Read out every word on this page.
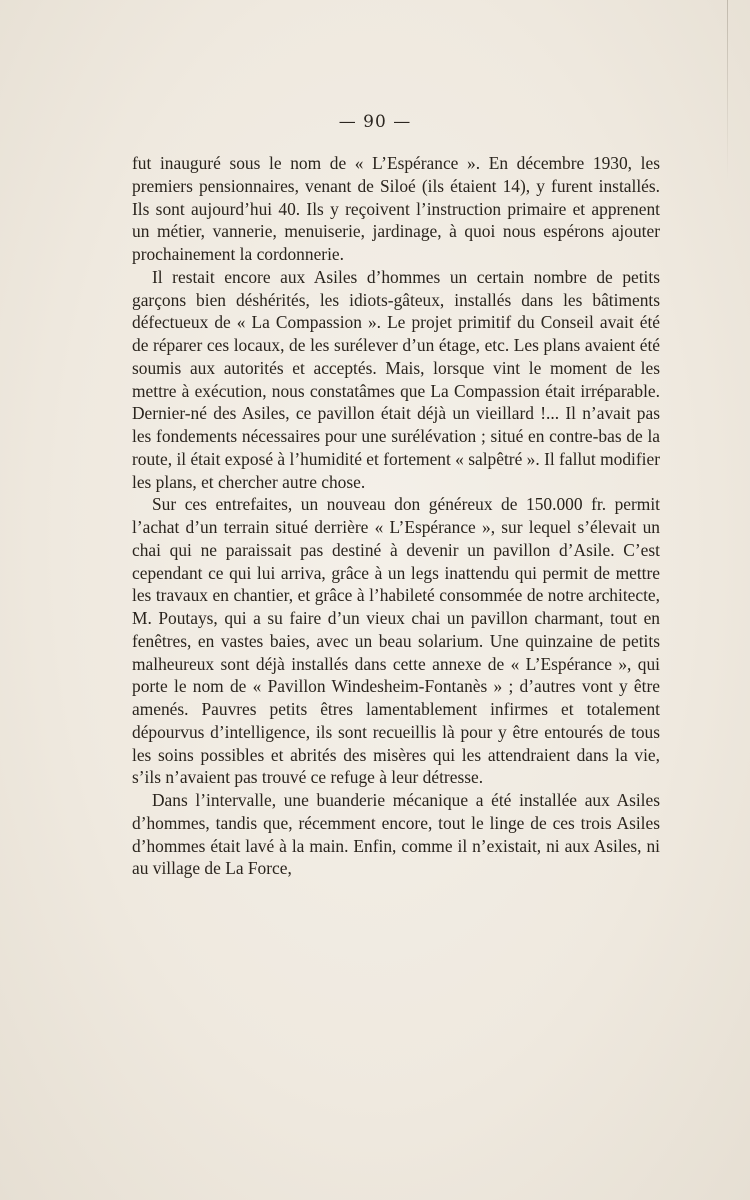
— 90 —

fut inauguré sous le nom de « L’Espérance ». En décembre 1930, les premiers pensionnaires, venant de Siloé (ils étaient 14), y furent installés. Ils sont aujourd’hui 40. Ils y reçoivent l’instruction primaire et apprenent un métier, vannerie, menuiserie, jardinage, à quoi nous espérons ajouter prochainement la cordonnerie.

Il restait encore aux Asiles d’hommes un certain nombre de petits garçons bien déshérités, les idiots-gâteux, installés dans les bâtiments défectueux de « La Compassion ». Le projet primitif du Conseil avait été de réparer ces locaux, de les surélever d’un étage, etc. Les plans avaient été soumis aux autorités et acceptés. Mais, lorsque vint le moment de les mettre à exécution, nous constatâmes que La Compassion était irréparable. Dernier-né des Asiles, ce pavillon était déjà un vieillard !... Il n’avait pas les fondements nécessaires pour une surélévation ; situé en contre-bas de la route, il était exposé à l’humidité et fortement « salpêtré ». Il fallut modifier les plans, et chercher autre chose.

Sur ces entrefaites, un nouveau don généreux de 150.000 fr. permit l’achat d’un terrain situé derrière « L’Espérance », sur lequel s’élevait un chai qui ne paraissait pas destiné à devenir un pavillon d’Asile. C’est cependant ce qui lui arriva, grâce à un legs inattendu qui permit de mettre les travaux en chantier, et grâce à l’habileté consommée de notre architecte, M. Poutays, qui a su faire d’un vieux chai un pavillon charmant, tout en fenêtres, en vastes baies, avec un beau solarium. Une quinzaine de petits malheureux sont déjà installés dans cette annexe de « L’Espérance », qui porte le nom de « Pavillon Windesheim-Fontanès » ; d’autres vont y être amenés. Pauvres petits êtres lamentablement infirmes et totalement dépourvus d’intelligence, ils sont recueillis là pour y être entourés de tous les soins possibles et abrités des misères qui les attendraient dans la vie, s’ils n’avaient pas trouvé ce refuge à leur détresse.

Dans l’intervalle, une buanderie mécanique a été installée aux Asiles d’hommes, tandis que, récemment encore, tout le linge de ces trois Asiles d’hommes était lavé à la main. Enfin, comme il n’existait, ni aux Asiles, ni au village de La Force,
